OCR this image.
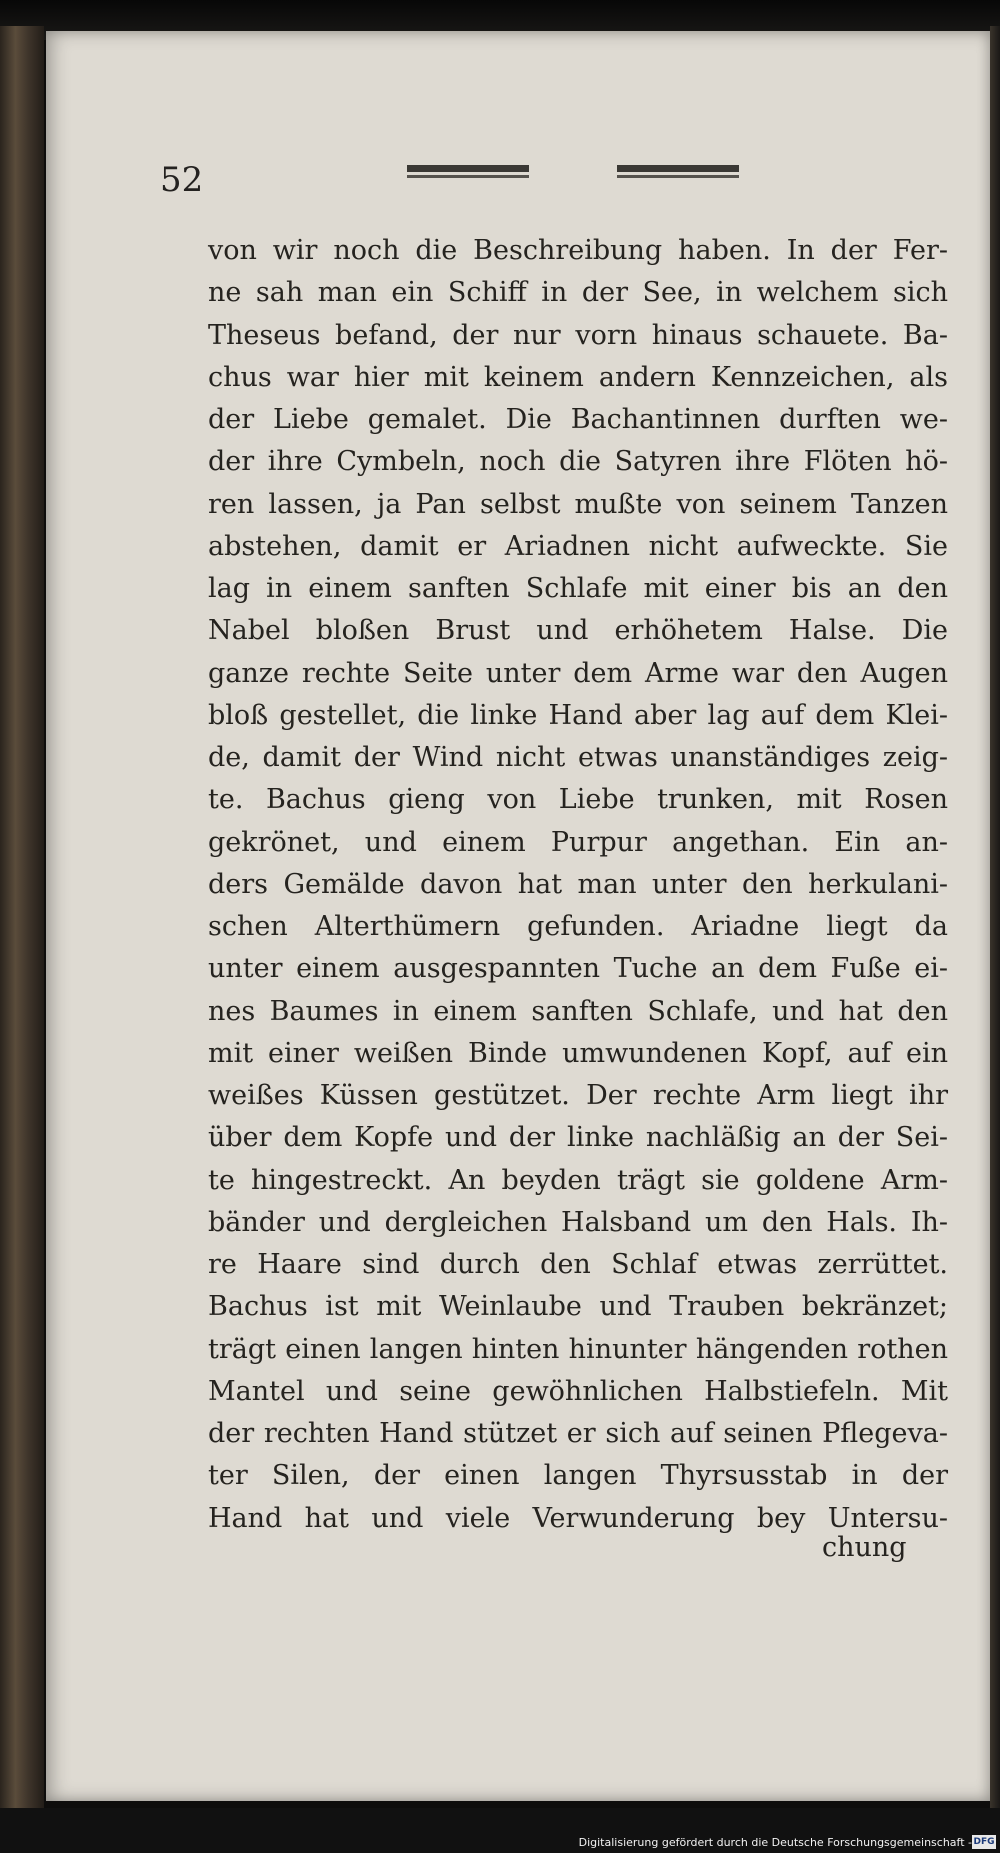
52
von wir noch die Beschreibung haben. In der Fer-
ne sah man ein Schiff in der See, in welchem sich
Theseus befand, der nur vorn hinaus schauete. Ba-
chus war hier mit keinem andern Kennzeichen, als
der Liebe gemalet. Die Bachantinnen durften we-
der ihre Cymbeln, noch die Satyren ihre Flöten hö-
ren lassen, ja Pan selbst mußte von seinem Tanzen
abstehen, damit er Ariadnen nicht aufweckte. Sie
lag in einem sanften Schlafe mit einer bis an den
Nabel bloßen Brust und erhöhetem Halse. Die
ganze rechte Seite unter dem Arme war den Augen
bloß gestellet, die linke Hand aber lag auf dem Klei-
de, damit der Wind nicht etwas unanständiges zeig-
te. Bachus gieng von Liebe trunken, mit Rosen
gekrönet, und einem Purpur angethan. Ein an-
ders Gemälde davon hat man unter den herkulani-
schen Alterthümern gefunden. Ariadne liegt da
unter einem ausgespannten Tuche an dem Fuße ei-
nes Baumes in einem sanften Schlafe, und hat den
mit einer weißen Binde umwundenen Kopf, auf ein
weißes Küssen gestützet. Der rechte Arm liegt ihr
über dem Kopfe und der linke nachläßig an der Sei-
te hingestreckt. An beyden trägt sie goldene Arm-
bänder und dergleichen Halsband um den Hals. Ih-
re Haare sind durch den Schlaf etwas zerrüttet.
Bachus ist mit Weinlaube und Trauben bekränzet;
trägt einen langen hinten hinunter hängenden rothen
Mantel und seine gewöhnlichen Halbstiefeln. Mit
der rechten Hand stützet er sich auf seinen Pflegeva-
ter Silen, der einen langen Thyrsusstab in der
Hand hat und viele Verwunderung bey Untersu-
chung
Digitalisierung gefördert durch die Deutsche Forschungsgemeinschaft - DFG
